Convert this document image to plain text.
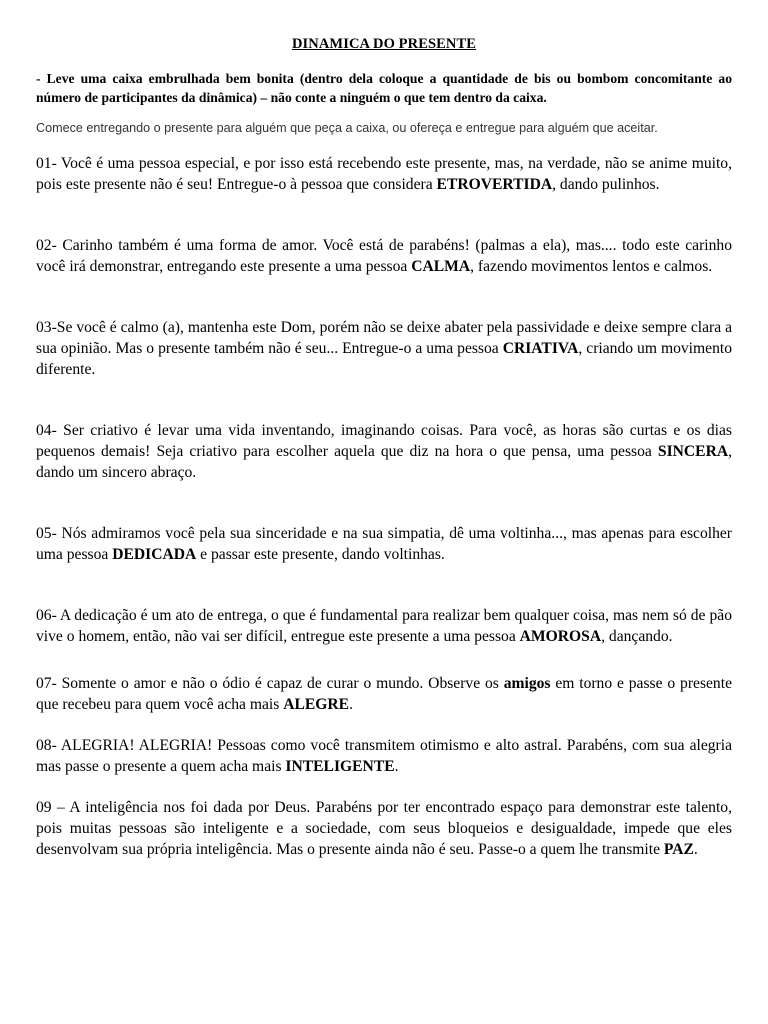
DINAMICA DO PRESENTE

- Leve uma caixa embrulhada bem bonita (dentro dela coloque a quantidade de bis ou bombom concomitante ao número de participantes da dinâmica) – não conte a ninguém o que tem dentro da caixa.

Comece entregando o presente para alguém que peça a caixa, ou ofereça e entregue para alguém que aceitar.

01- Você é uma pessoa especial, e por isso está recebendo este presente, mas, na verdade, não se anime muito, pois este presente não é seu! Entregue-o à pessoa que considera ETROVERTIDA, dando pulinhos.

02- Carinho também é uma forma de amor. Você está de parabéns! (palmas a ela), mas.... todo este carinho você irá demonstrar, entregando este presente a uma pessoa CALMA, fazendo movimentos lentos e calmos.

03-Se você é calmo (a), mantenha este Dom, porém não se deixe abater pela passividade e deixe sempre clara a sua opinião. Mas o presente também não é seu... Entregue-o a uma pessoa CRIATIVA, criando um movimento diferente.

04- Ser criativo é levar uma vida inventando, imaginando coisas. Para você, as horas são curtas e os dias pequenos demais! Seja criativo para escolher aquela que diz na hora o que pensa, uma pessoa SINCERA, dando um sincero abraço.

05- Nós admiramos você pela sua sinceridade e na sua simpatia, dê uma voltinha..., mas apenas para escolher uma pessoa DEDICADA e passar este presente, dando voltinhas.

06- A dedicação é um ato de entrega, o que é fundamental para realizar bem qualquer coisa, mas nem só de pão vive o homem, então, não vai ser difícil, entregue este presente a uma pessoa AMOROSA, dançando.

07- Somente o amor e não o ódio é capaz de curar o mundo. Observe os amigos em torno e passe o presente que recebeu para quem você acha mais ALEGRE.

08- ALEGRIA! ALEGRIA! Pessoas como você transmitem otimismo e alto astral. Parabéns, com sua alegria mas passe o presente a quem acha mais INTELIGENTE.

09 – A inteligência nos foi dada por Deus. Parabéns por ter encontrado espaço para demonstrar este talento, pois muitas pessoas são inteligente e a sociedade, com seus bloqueios e desigualdade, impede que eles desenvolvam sua própria inteligência. Mas o presente ainda não é seu. Passe-o a quem lhe transmite PAZ.
